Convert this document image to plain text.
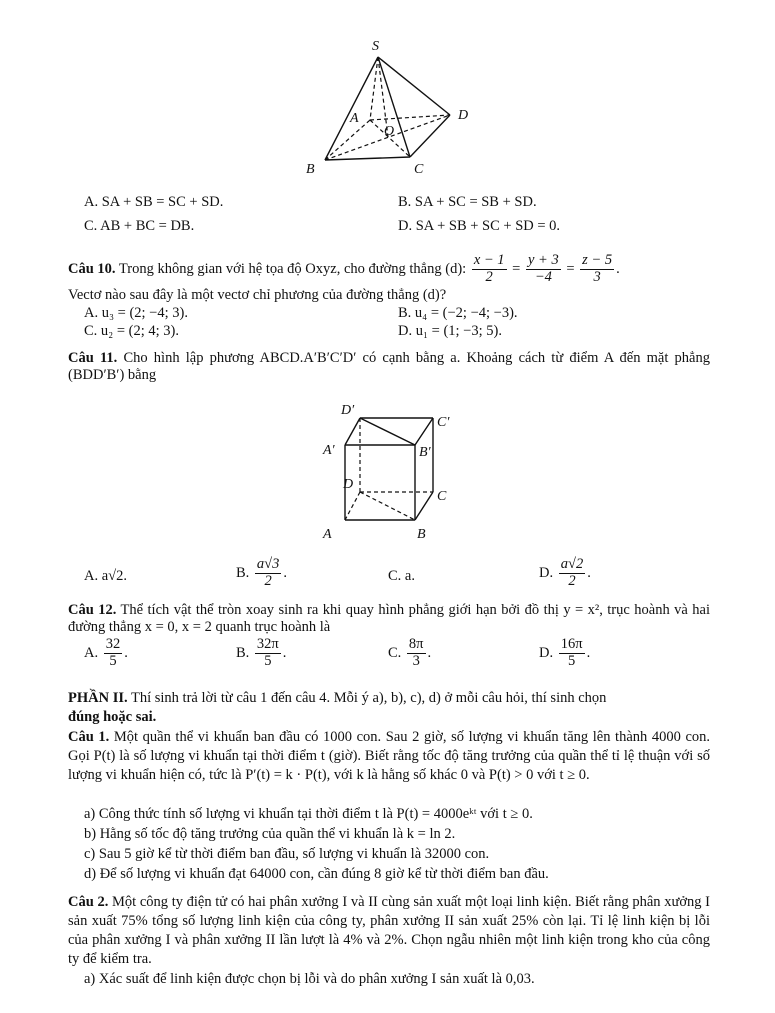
S
A
O
D
B	C
A. SA + SB = SC + SD.	B. SA + SC = SB + SD.
C. AB + BC = DB.	D. SA + SB + SC + SD = 0.
Câu 10. Trong không gian với hệ tọa độ Oxyz, cho đường thẳng (d): $\frac{x - 1}{2} = \frac{y + 3}{-4} = \frac{z - 5}{3}$ .
Vectơ nào sau đây là một vectơ chỉ phương của đường thẳng (d)?
A. u₃ = (2; −4; 3).	B. u₄ = (−2; −4; −3).
C. u₂ = (2; 4; 3).	D. u₁ = (1; −3; 5).
Câu 11. Cho hình lập phương ABCD.A′B′C′D′ có cạnh bằng a. Khoảng cách từ điểm A đến mặt phẳng (BDD′B′) bằng
D′
C′
A′	B′
D
C
A	B
A. a√2.	B. $\frac{a√3}{2}$ .	C. a.	D. $\frac{a√2}{2}$ .
Câu 12. Thể tích vật thể tròn xoay sinh ra khi quay hình phẳng giới hạn bởi đồ thị y = x², trục hoành và hai đường thẳng x = 0, x = 2 quanh trục hoành là
A. $\frac{32}{5}$ .	B. $\frac{32\pi}{5}$ .	C. $\frac{8\pi}{3}$ .	D. $\frac{16\pi}{5}$ .
PHẦN II. Thí sinh trả lời từ câu 1 đến câu 4. Mỗi ý a), b), c), d) ở mỗi câu hỏi, thí sinh chọn
đúng hoặc sai.
Câu 1. Một quần thể vi khuẩn ban đầu có 1000 con. Sau 2 giờ, số lượng vi khuẩn tăng lên thành 4000 con. Gọi P(t) là số lượng vi khuẩn tại thời điểm t (giờ). Biết rằng tốc độ tăng trưởng của quần thể tỉ lệ thuận với số lượng vi khuẩn hiện có, tức là P′(t) = k · P(t), với k là hằng số khác 0 và P(t) > 0 với t ≥ 0.
a) Công thức tính số lượng vi khuẩn tại thời điểm t là P(t) = 4000eᵏᵗ với t ≥ 0.
b) Hằng số tốc độ tăng trưởng của quần thể vi khuẩn là k = ln 2.
c) Sau 5 giờ kể từ thời điểm ban đầu, số lượng vi khuẩn là 32000 con.
d) Để số lượng vi khuẩn đạt 64000 con, cần đúng 8 giờ kể từ thời điểm ban đầu.
Câu 2. Một công ty điện tử có hai phân xưởng I và II cùng sản xuất một loại linh kiện. Biết rằng phân xưởng I sản xuất 75% tổng số lượng linh kiện của công ty, phân xưởng II sản xuất 25% còn lại. Tỉ lệ linh kiện bị lỗi của phân xưởng I và phân xưởng II lần lượt là 4% và 2%. Chọn ngẫu nhiên một linh kiện trong kho của công ty để kiểm tra.
a) Xác suất để linh kiện được chọn bị lỗi và do phân xưởng I sản xuất là 0,03.
